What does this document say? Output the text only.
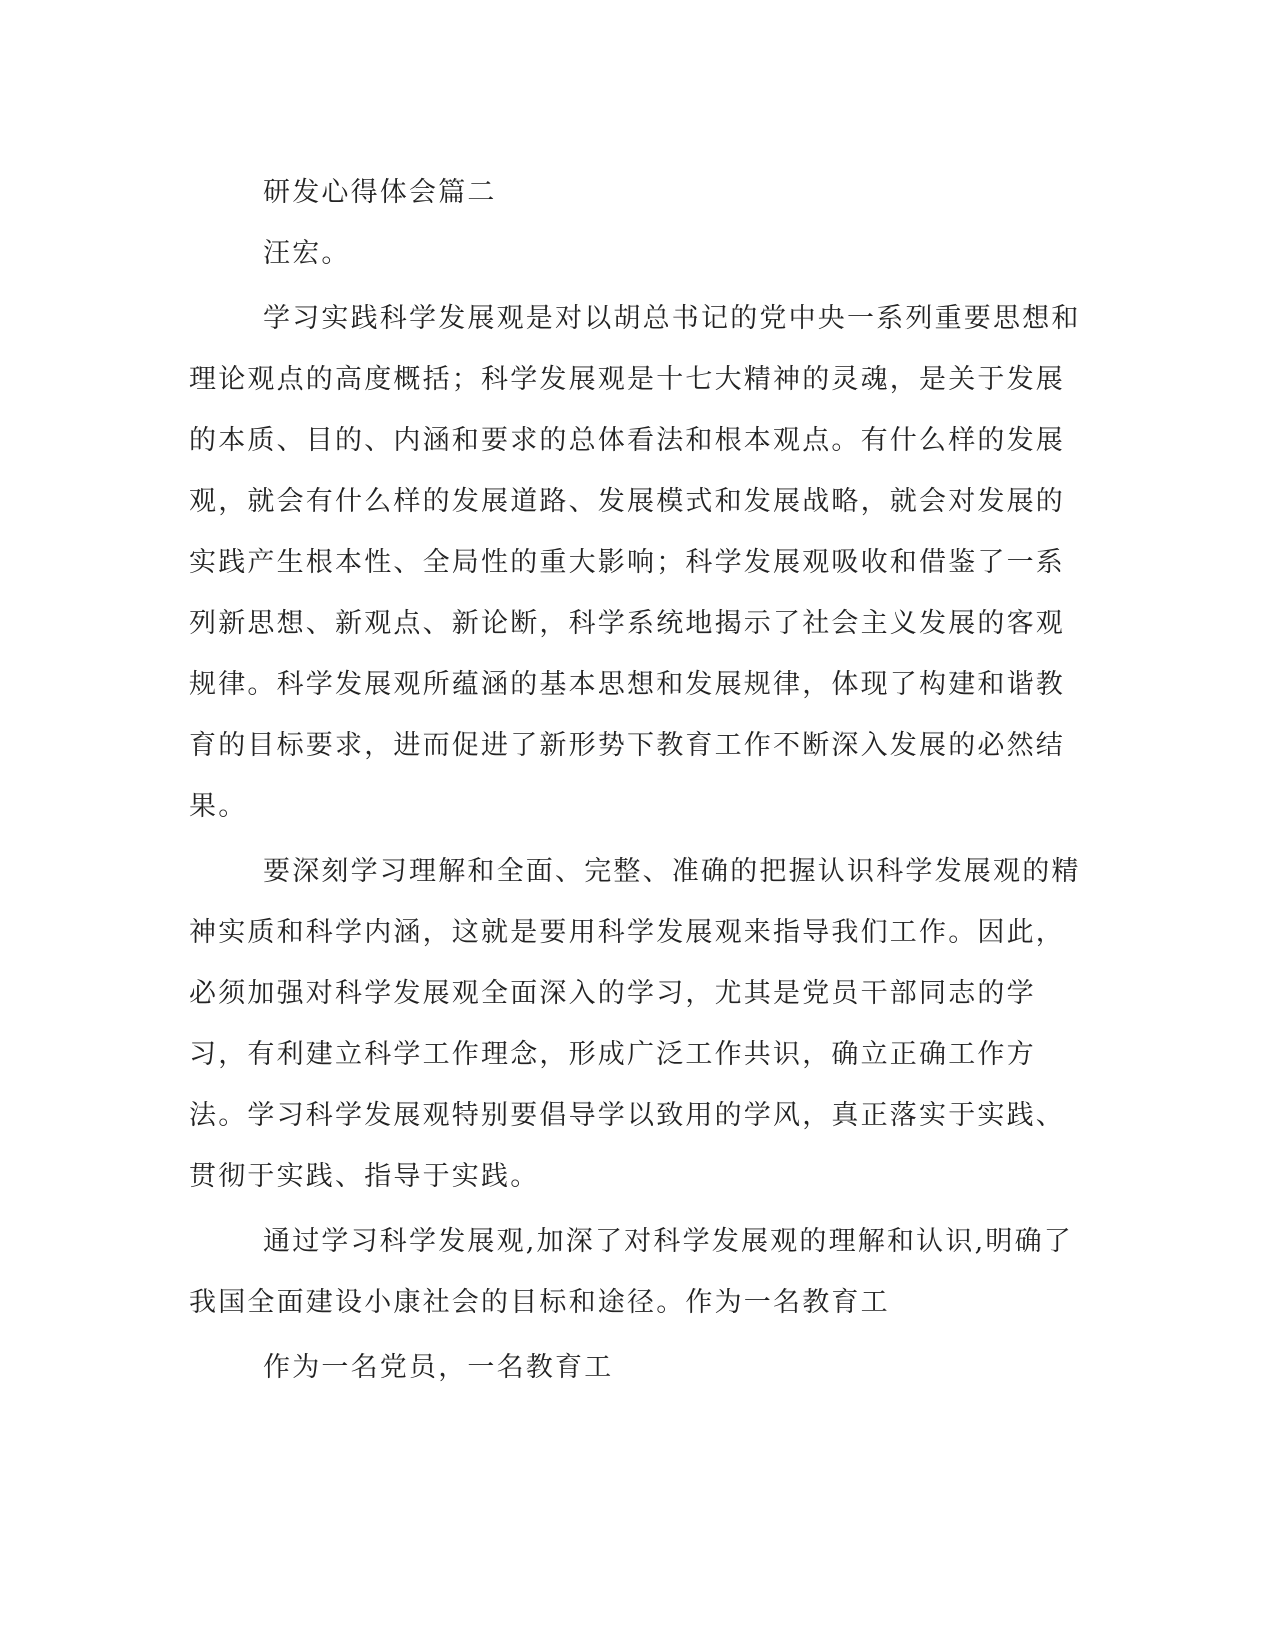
研发心得体会篇二

汪宏。

学习实践科学发展观是对以胡总书记的党中央一系列重要思想和理论观点的高度概括；科学发展观是十七大精神的灵魂，是关于发展的本质、目的、内涵和要求的总体看法和根本观点。有什么样的发展观，就会有什么样的发展道路、发展模式和发展战略，就会对发展的实践产生根本性、全局性的重大影响；科学发展观吸收和借鉴了一系列新思想、新观点、新论断，科学系统地揭示了社会主义发展的客观规律。科学发展观所蕴涵的基本思想和发展规律，体现了构建和谐教育的目标要求，进而促进了新形势下教育工作不断深入发展的必然结果。

要深刻学习理解和全面、完整、准确的把握认识科学发展观的精神实质和科学内涵，这就是要用科学发展观来指导我们工作。因此，必须加强对科学发展观全面深入的学习，尤其是党员干部同志的学习，有利建立科学工作理念，形成广泛工作共识，确立正确工作方法。学习科学发展观特别要倡导学以致用的学风，真正落实于实践、贯彻于实践、指导于实践。

通过学习科学发展观,加深了对科学发展观的理解和认识,明确了我国全面建设小康社会的目标和途径。作为一名教育工

作为一名党员，一名教育工
